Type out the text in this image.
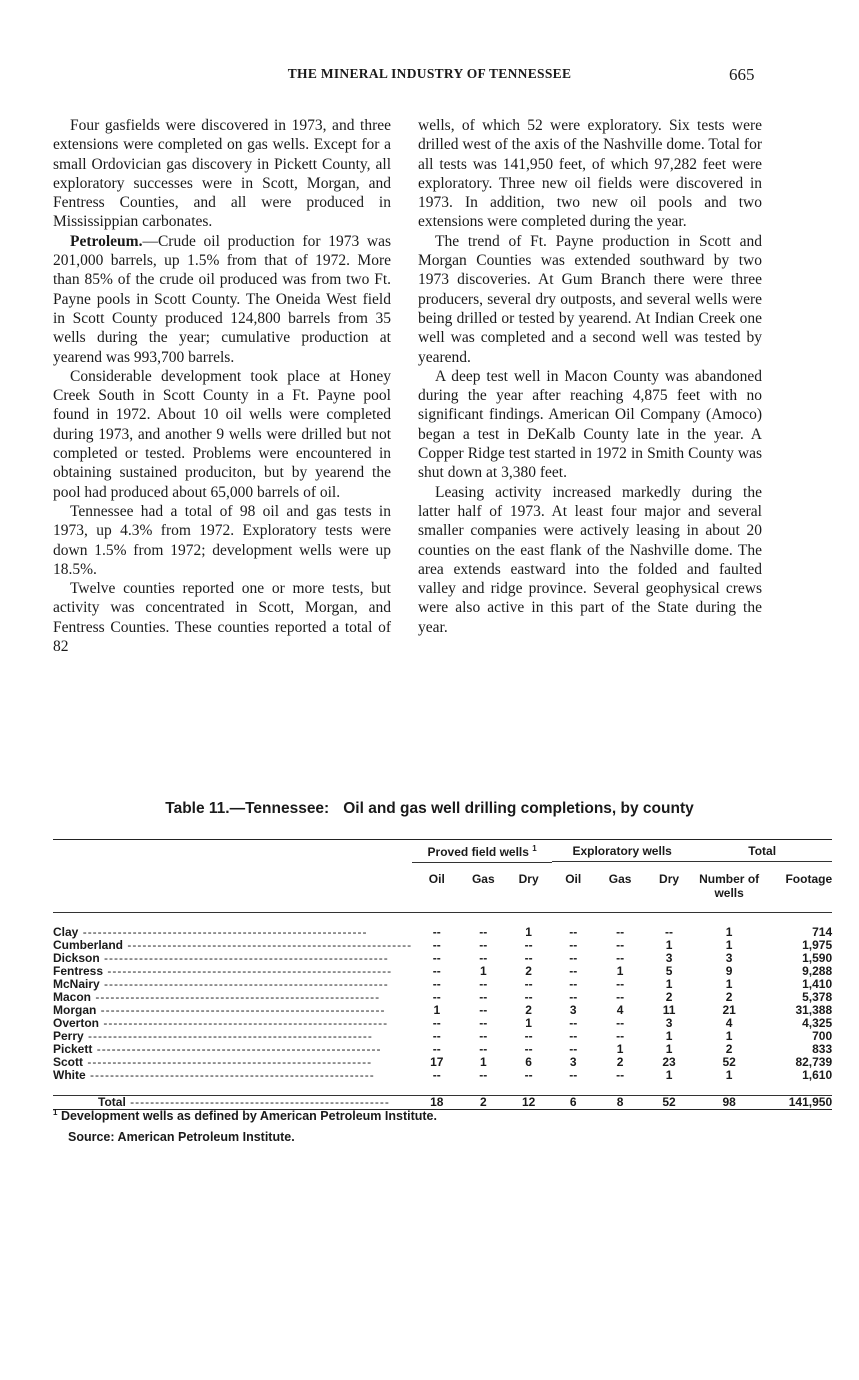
THE MINERAL INDUSTRY OF TENNESSEE	665

Four gasfields were discovered in 1973, and three extensions were completed on gas wells. Except for a small Ordovician gas discovery in Pickett County, all exploratory successes were in Scott, Morgan, and Fentress Counties, and all were produced in Mississippian carbonates.

Petroleum.—Crude oil production for 1973 was 201,000 barrels, up 1.5% from that of 1972. More than 85% of the crude oil produced was from two Ft. Payne pools in Scott County. The Oneida West field in Scott County produced 124,800 barrels from 35 wells during the year; cumulative production at yearend was 993,700 barrels.

Considerable development took place at Honey Creek South in Scott County in a Ft. Payne pool found in 1972. About 10 oil wells were completed during 1973, and another 9 wells were drilled but not completed or tested. Problems were encountered in obtaining sustained produciton, but by yearend the pool had produced about 65,000 barrels of oil.

Tennessee had a total of 98 oil and gas tests in 1973, up 4.3% from 1972. Exploratory tests were down 1.5% from 1972; development wells were up 18.5%.

Twelve counties reported one or more tests, but activity was concentrated in Scott, Morgan, and Fentress Counties. These counties reported a total of 82

wells, of which 52 were exploratory. Six tests were drilled west of the axis of the Nashville dome. Total for all tests was 141,950 feet, of which 97,282 feet were exploratory. Three new oil fields were discovered in 1973. In addition, two new oil pools and two extensions were completed during the year.

The trend of Ft. Payne production in Scott and Morgan Counties was extended southward by two 1973 discoveries. At Gum Branch there were three producers, several dry outposts, and several wells were being drilled or tested by yearend. At Indian Creek one well was completed and a second well was tested by yearend.

A deep test well in Macon County was abandoned during the year after reaching 4,875 feet with no significant findings. American Oil Company (Amoco) began a test in DeKalb County late in the year. A Copper Ridge test started in 1972 in Smith County was shut down at 3,380 feet.

Leasing activity increased markedly during the latter half of 1973. At least four major and several smaller companies were actively leasing in about 20 counties on the east flank of the Nashville dome. The area extends eastward into the folded and faulted valley and ridge province. Several geophysical crews were also active in this part of the State during the year.

Table 11.—Tennessee: Oil and gas well drilling completions, by county
	Proved field wells $^1$			Exploratory wells			Total	
	Oil	Gas	Dry	Oil	Gas	Dry	Number of wells	Footage

Clay -----	--	--	1	--	--	--	1	714
Cumberland -----	--	--	--	--	--	1	1	1,975
Dickson -----	--	--	--	--	--	3	3	1,590
Fentress -----	--	1	2	--	1	5	9	9,288
McNairy -----	--	--	--	--	--	1	1	1,410
Macon -----	--	--	--	--	--	2	2	5,378
Morgan -----	1	--	2	3	4	11	21	31,388
Overton -----	--	--	1	--	--	3	4	4,325
Perry -----	--	--	--	--	--	1	1	700
Pickett -----	--	--	--	--	1	1	2	833
Scott -----	17	1	6	3	2	23	52	82,739
White -----	--	--	--	--	--	1	1	1,610

Total -----	18	2	12	6	8	52	98	141,950
$^1$ Development wells as defined by American Petroleum Institute.
Source: American Petroleum Institute.
